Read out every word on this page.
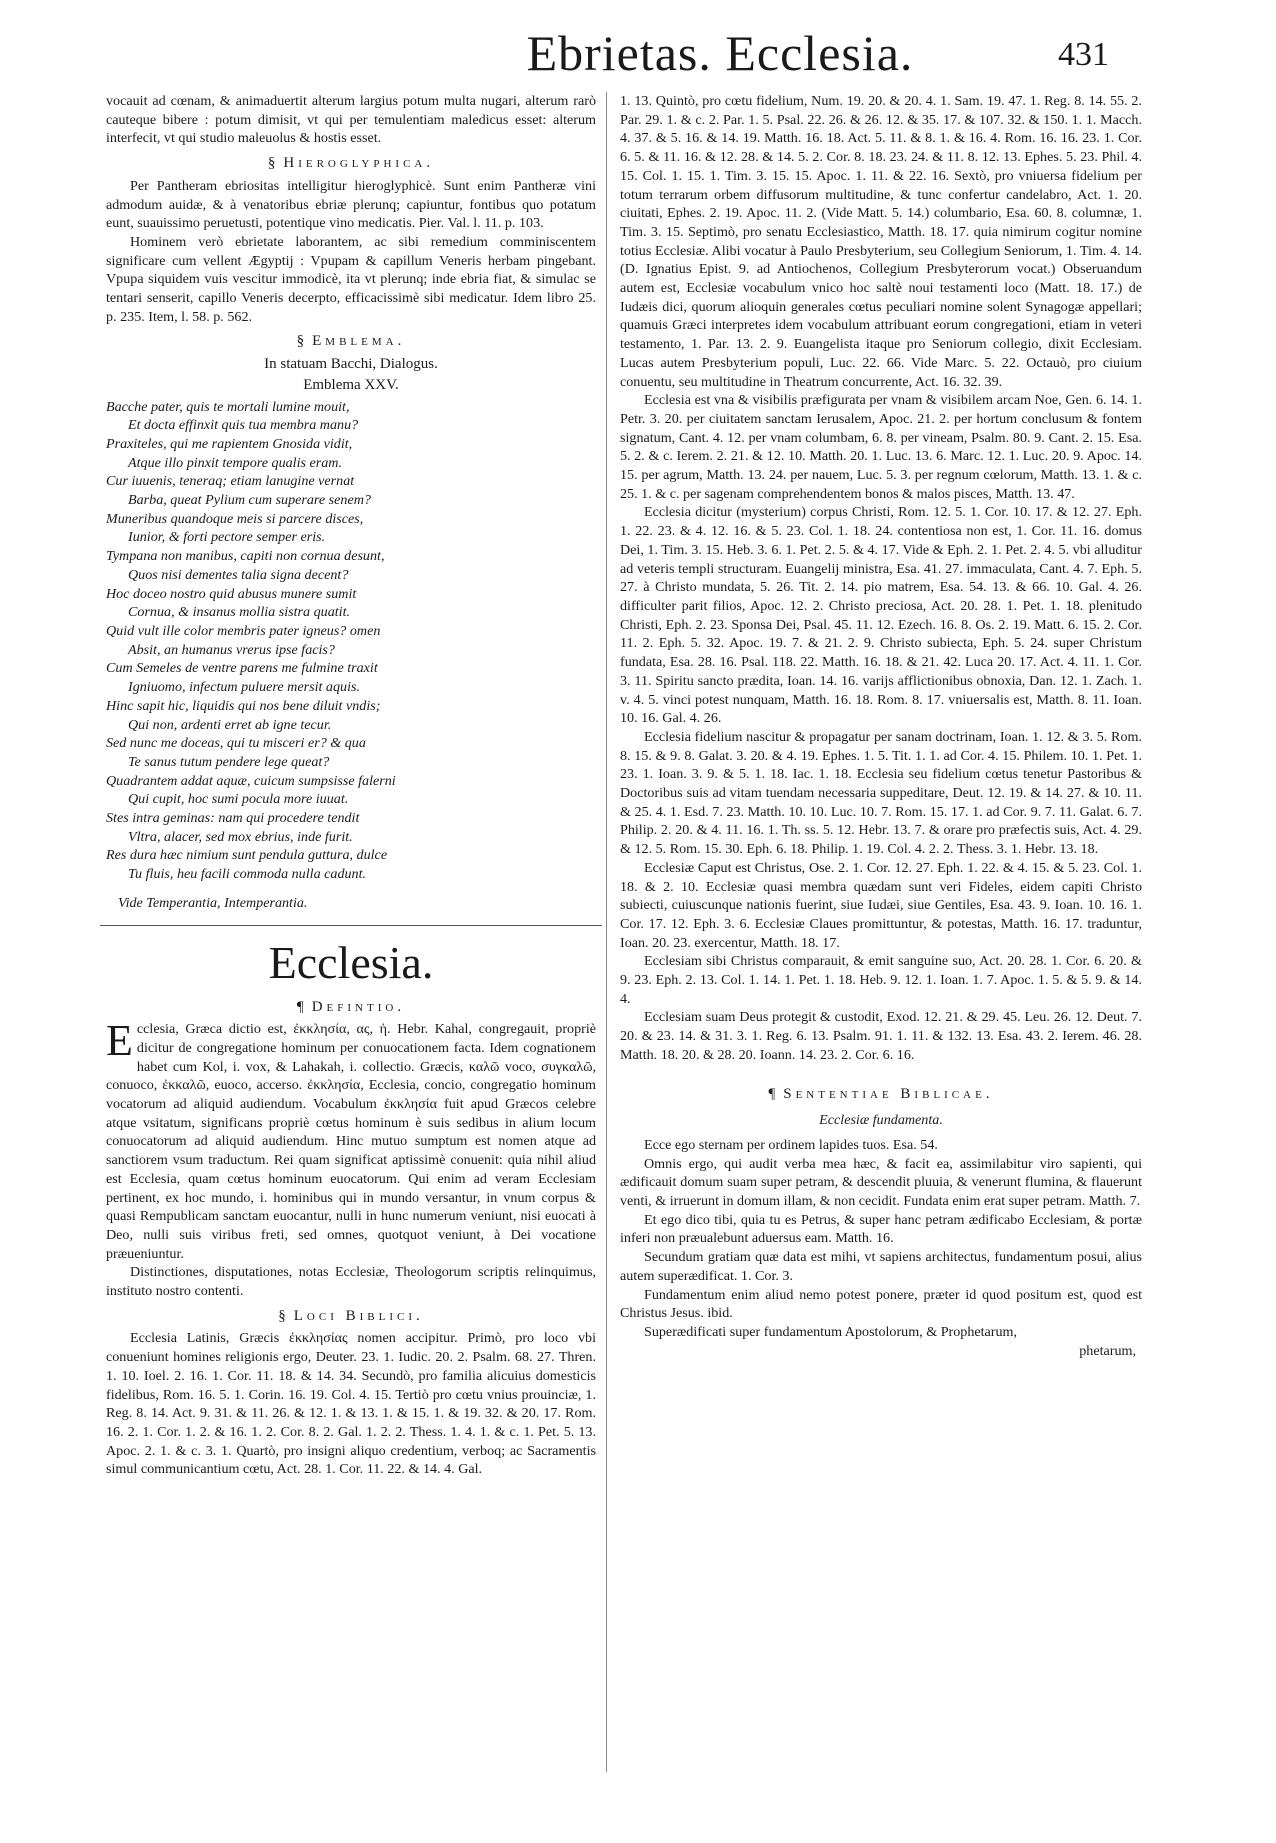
Ebrietas. Ecclesia.	431

vocauit ad cœnam, & animaduertit alterum largius potum multa nugari, alterum rarò cauteque bibere : potum dimisit, vt qui per temulentiam maledicus esset: alterum interfecit, vt qui studio maleuolus & hostis esset.

§ Hieroglyphica.

Per Pantheram ebriositas intelligitur hieroglyphicè. Sunt enim Pantheræ vini admodum auidæ, & à venatoribus ebriæ plerunq; capiuntur, fontibus quo potatum eunt, suauissimo peruetusti, potentique vino medicatis. Pier. Val. l. 11. p. 103.

Hominem verò ebrietate laborantem, ac sibi remedium comminiscentem significare cum vellent Ægyptij : Vpupam & capillum Veneris herbam pingebant. Vpupa siquidem vuis vescitur immodicè, ita vt plerunq; inde ebria fiat, & simulac se tentari senserit, capillo Veneris decerpto, efficacissimè sibi medicatur. Idem libro 25. p. 235. Item, l. 58. p. 562.

§ Emblema.
In statuam Bacchi, Dialogus.
Emblema XXV.
Bacche pater, quis te mortali lumine mouit,
Et docta effinxit quis tua membra manu?
Praxiteles, qui me rapientem Gnosida vidit,
Atque illo pinxit tempore qualis eram.
Cur iuuenis, teneraq; etiam lanugine vernat
Barba, queat Pylium cum superare senem?
Muneribus quandoque meis si parcere disces,
Iunior, & forti pectore semper eris.
Tympana non manibus, capiti non cornua desunt,
Quos nisi dementes talia signa decent?
Hoc doceo nostro quid abusus munere sumit
Cornua, & insanus mollia sistra quatit.
Quid vult ille color membris pater igneus? omen
Absit, an humanus vrerus ipse facis?
Cum Semeles de ventre parens me fulmine traxit
Igniuomo, infectum puluere mersit aquis.
Hinc sapit hic, liquidis qui nos bene diluit vndis;
Qui non, ardenti erret ab igne tecur.
Sed nunc me doceas, qui tu misceri er? & qua
Te sanus tutum pendere lege queat?
Quadrantem addat aquæ, cuicum sumpsisse falerni
Qui cupit, hoc sumi pocula more iuuat.
Stes intra geminas: nam qui procedere tendit
Vltra, alacer, sed mox ebrius, inde furit.
Res dura hæc nimium sunt pendula guttura, dulce
Tu fluis, heu facili commoda nulla cadunt.
Vide Temperantia, Intemperantia.
Ecclesia.
¶ Defintio.

Ecclesia, Græca dictio est, ἐκκλησία, ας, ἡ. Hebr. Kahal, congregauit, propriè dicitur de congregatione hominum per conuocationem facta. Idem cognationem habet cum Kol, i. vox, & Lahakah, i. collectio. Græcis, καλῶ voco, συγκαλῶ, conuoco, ἐκκαλῶ, euoco, accerso. ἐκκλησία, Ecclesia, concio, congregatio hominum vocatorum ad aliquid audiendum. Vocabulum ἐκκλησία fuit apud Græcos celebre atque vsitatum, significans propriè cœtus hominum è suis sedibus in alium locum conuocatorum ad aliquid audiendum. Hinc mutuo sumptum est nomen atque ad sanctiorem vsum traductum. Rei quam significat aptissimè conuenit: quia nihil aliud est Ecclesia, quam cœtus hominum euocatorum. Qui enim ad veram Ecclesiam pertinent, ex hoc mundo, i. hominibus qui in mundo versantur, in vnum corpus & quasi Rempublicam sanctam euocantur, nulli in hunc numerum veniunt, nisi euocati à Deo, nulli suis viribus freti, sed omnes, quotquot veniunt, à Dei vocatione præueniuntur.

Distinctiones, disputationes, notas Ecclesiæ, Theologorum scriptis relinquimus, instituto nostro contenti.

§ Loci Biblici.

Ecclesia Latinis, Græcis ἐκκλησίας nomen accipitur. Primò, pro loco vbi conueniunt homines religionis ergo, Deuter. 23. 1. Iudic. 20. 2. Psalm. 68. 27. Thren. 1. 10. Ioel. 2. 16. 1. Cor. 11. 18. & 14. 34. Secundò, pro familia alicuius domesticis fidelibus, Rom. 16. 5. 1. Corin. 16. 19. Col. 4. 15. Tertiò pro cœtu vnius prouinciæ, 1. Reg. 8. 14. Act. 9. 31. & 11. 26. & 12. 1. & 13. 1. & 15. 1. & 19. 32. & 20. 17. Rom. 16. 2. 1. Cor. 1. 2. & 16. 1. 2. Cor. 8. 2. Gal. 1. 2. 2. Thess. 1. 4. 1. & c. 1. Pet. 5. 13. Apoc. 2. 1. & c. 3. 1. Quartò, pro insigni aliquo credentium, verboq; ac Sacramentis simul communicantium cœtu, Act. 28. 1. Cor. 11. 22. & 14. 4. Gal.

1. 13. Quintò, pro cœtu fidelium, Num. 19. 20. & 20. 4. 1. Sam. 19. 47. 1. Reg. 8. 14. 55. 2. Par. 29. 1. & c. 2. Par. 1. 5. Psal. 22. 26. & 26. 12. & 35. 17. & 107. 32. & 150. 1. 1. Macch. 4. 37. & 5. 16. & 14. 19. Matth. 16. 18. Act. 5. 11. & 8. 1. & 16. 4. Rom. 16. 16. 23. 1. Cor. 6. 5. & 11. 16. & 12. 28. & 14. 5. 2. Cor. 8. 18. 23. 24. & 11. 8. 12. 13. Ephes. 5. 23. Phil. 4. 15. Col. 1. 15. 1. Tim. 3. 15. 15. Apoc. 1. 11. & 22. 16. Sextò, pro vniuersa fidelium per totum terrarum orbem diffusorum multitudine, & tunc confertur candelabro, Act. 1. 20. ciuitati, Ephes. 2. 19. Apoc. 11. 2. (Vide Matt. 5. 14.) columbario, Esa. 60. 8. columnæ, 1. Tim. 3. 15. Septimò, pro senatu Ecclesiastico, Matth. 18. 17. quia nimirum cogitur nomine totius Ecclesiæ. Alibi vocatur à Paulo Presbyterium, seu Collegium Seniorum, 1. Tim. 4. 14. (D. Ignatius Epist. 9. ad Antiochenos, Collegium Presbyterorum vocat.) Obseruandum autem est, Ecclesiæ vocabulum vnico hoc saltè noui testamenti loco (Matt. 18. 17.) de Iudæis dici, quorum alioquin generales cœtus peculiari nomine solent Synagogæ appellari; quamuis Græci interpretes idem vocabulum attribuant eorum congregationi, etiam in veteri testamento, 1. Par. 13. 2. 9. Euangelista itaque pro Seniorum collegio, dixit Ecclesiam. Lucas autem Presbyterium populi, Luc. 22. 66. Vide Marc. 5. 22. Octauò, pro ciuium conuentu, seu multitudine in Theatrum concurrente, Act. 16. 32. 39.

Ecclesia est vna & visibilis præfigurata per vnam & visibilem arcam Noe, Gen. 6. 14. 1. Petr. 3. 20. per ciuitatem sanctam Ierusalem, Apoc. 21. 2. per hortum conclusum & fontem signatum, Cant. 4. 12. per vnam columbam, 6. 8. per vineam, Psalm. 80. 9. Cant. 2. 15. Esa. 5. 2. & c. Ierem. 2. 21. & 12. 10. Matth. 20. 1. Luc. 13. 6. Marc. 12. 1. Luc. 20. 9. Apoc. 14. 15. per agrum, Matth. 13. 24. per nauem, Luc. 5. 3. per regnum cœlorum, Matth. 13. 1. & c. 25. 1. & c. per sagenam comprehendentem bonos & malos pisces, Matth. 13. 47.

Ecclesia dicitur (mysterium) corpus Christi, Rom. 12. 5. 1. Cor. 10. 17. & 12. 27. Eph. 1. 22. 23. & 4. 12. 16. & 5. 23. Col. 1. 18. 24. contentiosa non est, 1. Cor. 11. 16. domus Dei, 1. Tim. 3. 15. Heb. 3. 6. 1. Pet. 2. 5. & 4. 17. Vide & Eph. 2. 1. Pet. 2. 4. 5. vbi alluditur ad veteris templi structuram. Euangelij ministra, Esa. 41. 27. immaculata, Cant. 4. 7. Eph. 5. 27. à Christo mundata, 5. 26. Tit. 2. 14. pio matrem, Esa. 54. 13. & 66. 10. Gal. 4. 26. difficulter parit filios, Apoc. 12. 2. Christo preciosa, Act. 20. 28. 1. Pet. 1. 18. plenitudo Christi, Eph. 2. 23. Sponsa Dei, Psal. 45. 11. 12. Ezech. 16. 8. Os. 2. 19. Matt. 6. 15. 2. Cor. 11. 2. Eph. 5. 32. Apoc. 19. 7. & 21. 2. 9. Christo subiecta, Eph. 5. 24. super Christum fundata, Esa. 28. 16. Psal. 118. 22. Matth. 16. 18. & 21. 42. Luca 20. 17. Act. 4. 11. 1. Cor. 3. 11. Spiritu sancto prædita, Ioan. 14. 16. varijs afflictionibus obnoxia, Dan. 12. 1. Zach. 1. v. 4. 5. vinci potest nunquam, Matth. 16. 18. Rom. 8. 17. vniuersalis est, Matth. 8. 11. Ioan. 10. 16. Gal. 4. 26.

Ecclesia fidelium nascitur & propagatur per sanam doctrinam, Ioan. 1. 12. & 3. 5. Rom. 8. 15. & 9. 8. Galat. 3. 20. & 4. 19. Ephes. 1. 5. Tit. 1. 1. ad Cor. 4. 15. Philem. 10. 1. Pet. 1. 23. 1. Ioan. 3. 9. & 5. 1. 18. Iac. 1. 18. Ecclesia seu fidelium cœtus tenetur Pastoribus & Doctoribus suis ad vitam tuendam necessaria suppeditare, Deut. 12. 19. & 14. 27. & 10. 11. & 25. 4. 1. Esd. 7. 23. Matth. 10. 10. Luc. 10. 7. Rom. 15. 17. 1. ad Cor. 9. 7. 11. Galat. 6. 7. Philip. 2. 20. & 4. 11. 16. 1. Th. ss. 5. 12. Hebr. 13. 7. & orare pro præfectis suis, Act. 4. 29. & 12. 5. Rom. 15. 30. Eph. 6. 18. Philip. 1. 19. Col. 4. 2. 2. Thess. 3. 1. Hebr. 13. 18.

Ecclesiæ Caput est Christus, Ose. 2. 1. Cor. 12. 27. Eph. 1. 22. & 4. 15. & 5. 23. Col. 1. 18. & 2. 10. Ecclesiæ quasi membra quædam sunt veri Fideles, eidem capiti Christo subiecti, cuiuscunque nationis fuerint, siue Iudæi, siue Gentiles, Esa. 43. 9. Ioan. 10. 16. 1. Cor. 17. 12. Eph. 3. 6. Ecclesiæ Claues promittuntur, & potestas, Matth. 16. 17. traduntur, Ioan. 20. 23. exercentur, Matth. 18. 17.

Ecclesiam sibi Christus comparauit, & emit sanguine suo, Act. 20. 28. 1. Cor. 6. 20. & 9. 23. Eph. 2. 13. Col. 1. 14. 1. Pet. 1. 18. Heb. 9. 12. 1. Ioan. 1. 7. Apoc. 1. 5. & 5. 9. & 14. 4.

Ecclesiam suam Deus protegit & custodit, Exod. 12. 21. & 29. 45. Leu. 26. 12. Deut. 7. 20. & 23. 14. & 31. 3. 1. Reg. 6. 13. Psalm. 91. 1. 11. & 132. 13. Esa. 43. 2. Ierem. 46. 28. Matth. 18. 20. & 28. 20. Ioann. 14. 23. 2. Cor. 6. 16.

¶ Sententiae Biblicae.
Ecclesiæ fundamenta.

Ecce ego sternam per ordinem lapides tuos. Esa. 54.

Omnis ergo, qui audit verba mea hæc, & facit ea, assimilabitur viro sapienti, qui ædificauit domum suam super petram, & descendit pluuia, & venerunt flumina, & flauerunt venti, & irruerunt in domum illam, & non cecidit. Fundata enim erat super petram. Matth. 7.

Et ego dico tibi, quia tu es Petrus, & super hanc petram ædificabo Ecclesiam, & portæ inferi non præualebunt aduersus eam. Matth. 16.

Secundum gratiam quæ data est mihi, vt sapiens architectus, fundamentum posui, alius autem superædificat. 1. Cor. 3.

Fundamentum enim aliud nemo potest ponere, præter id quod positum est, quod est Christus Jesus. ibid.

Superædificati super fundamentum Apostolorum, & Prophetarum,

phetarum,
